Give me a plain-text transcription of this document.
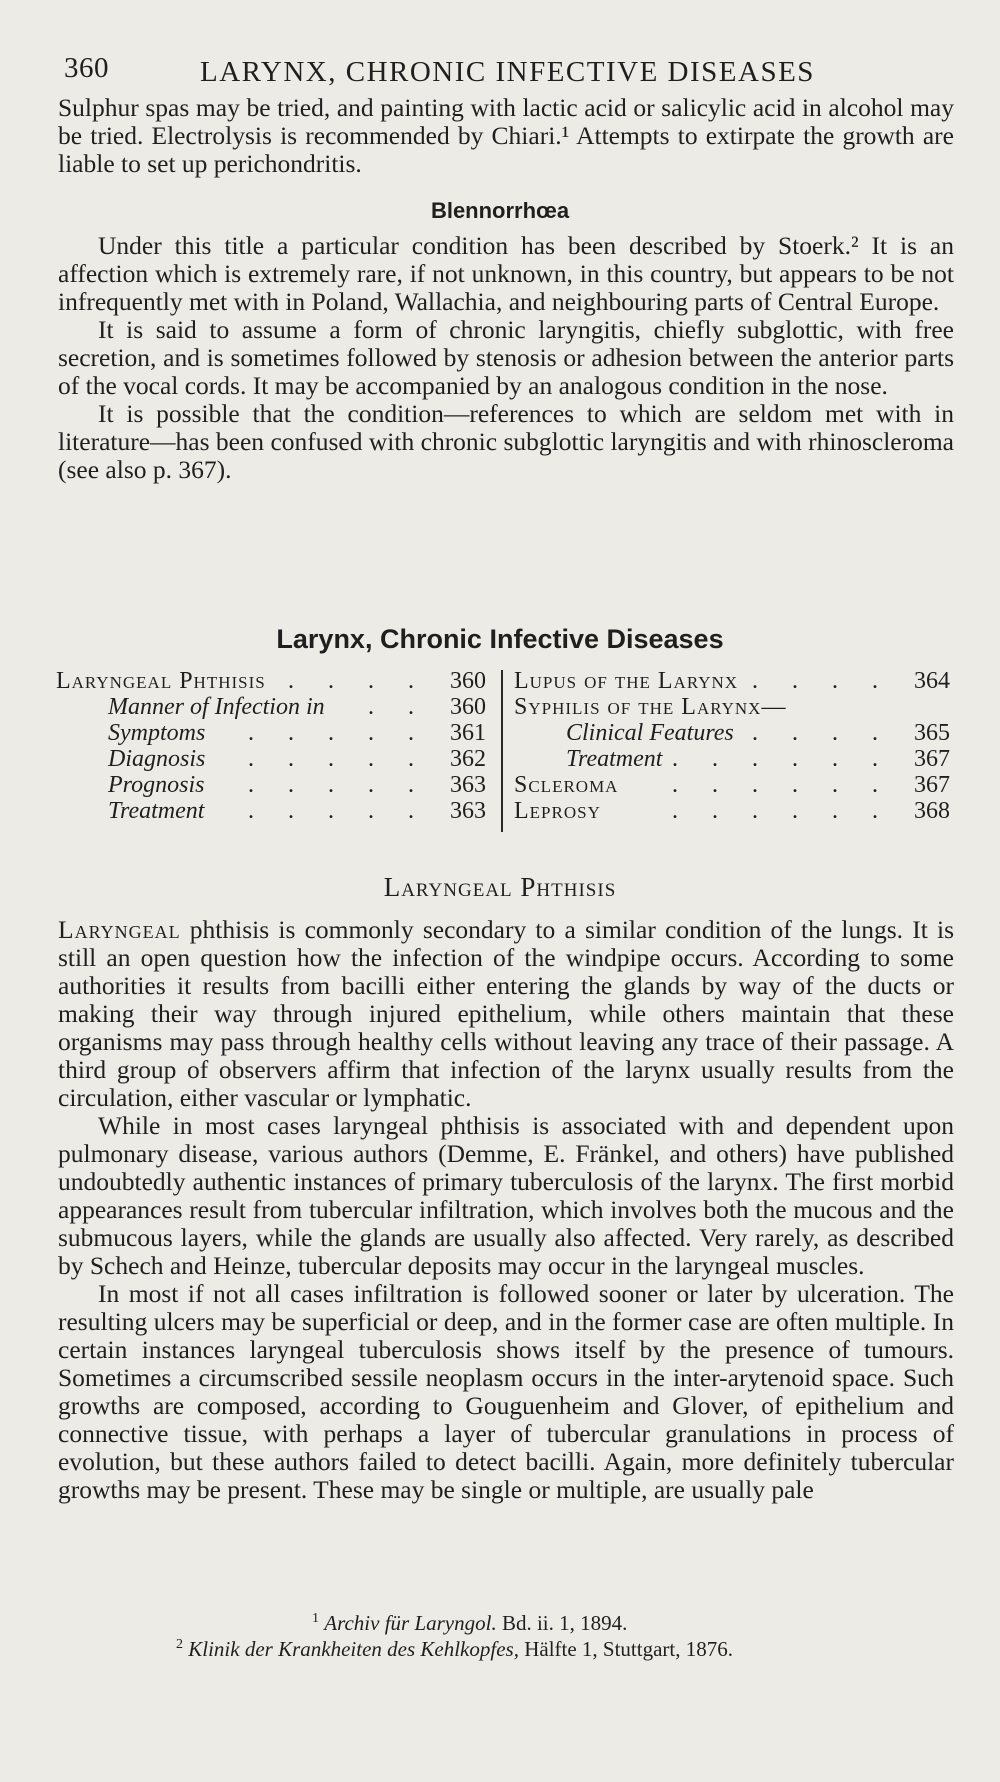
360	LARYNX, CHRONIC INFECTIVE DISEASES

Sulphur spas may be tried, and painting with lactic acid or salicylic acid in alcohol may be tried. Electrolysis is recommended by Chiari.¹ Attempts to extirpate the growth are liable to set up perichondritis.

Blennorrhœa

Under this title a particular condition has been described by Stoerk.² It is an affection which is extremely rare, if not unknown, in this country, but appears to be not infrequently met with in Poland, Wallachia, and neighbouring parts of Central Europe.

It is said to assume a form of chronic laryngitis, chiefly subglottic, with free secretion, and is sometimes followed by stenosis or adhesion between the anterior parts of the vocal cords. It may be accompanied by an analogous condition in the nose.

It is possible that the condition—references to which are seldom met with in literature—has been confused with chronic subglottic laryngitis and with rhinoscleroma (see also p. 367).

Larynx, Chronic Infective Diseases
Laryngeal Phthisis . . . . 360
Manner of Infection in . . 360
Symptoms . . . . . 361
Diagnosis . . . . . 362
Prognosis . . . . . 363
Treatment . . . . . 363
Lupus of the Larynx . . . . 364
Syphilis of the Larynx—
Clinical Features . . . . 365
Treatment . . . . . . 367
Scleroma . . . . . . 367
Leprosy	. . . . . . 368
Laryngeal Phthisis

Laryngeal phthisis is commonly secondary to a similar condition of the lungs. It is still an open question how the infection of the windpipe occurs. According to some authorities it results from bacilli either entering the glands by way of the ducts or making their way through injured epithelium, while others maintain that these organisms may pass through healthy cells without leaving any trace of their passage. A third group of observers affirm that infection of the larynx usually results from the circulation, either vascular or lymphatic.

While in most cases laryngeal phthisis is associated with and dependent upon pulmonary disease, various authors (Demme, E. Fränkel, and others) have published undoubtedly authentic instances of primary tuberculosis of the larynx. The first morbid appearances result from tubercular infiltration, which involves both the mucous and the submucous layers, while the glands are usually also affected. Very rarely, as described by Schech and Heinze, tubercular deposits may occur in the laryngeal muscles.

In most if not all cases infiltration is followed sooner or later by ulceration. The resulting ulcers may be superficial or deep, and in the former case are often multiple. In certain instances laryngeal tuberculosis shows itself by the presence of tumours. Sometimes a circumscribed sessile neoplasm occurs in the inter-arytenoid space. Such growths are composed, according to Gouguenheim and Glover, of epithelium and connective tissue, with perhaps a layer of tubercular granulations in process of evolution, but these authors failed to detect bacilli. Again, more definitely tubercular growths may be present. These may be single or multiple, are usually pale

$^1$ Archiv für Laryngol. Bd. ii. 1, 1894.
$^2$ Klinik der Krankheiten des Kehlkopfes, Hälfte 1, Stuttgart, 1876.
